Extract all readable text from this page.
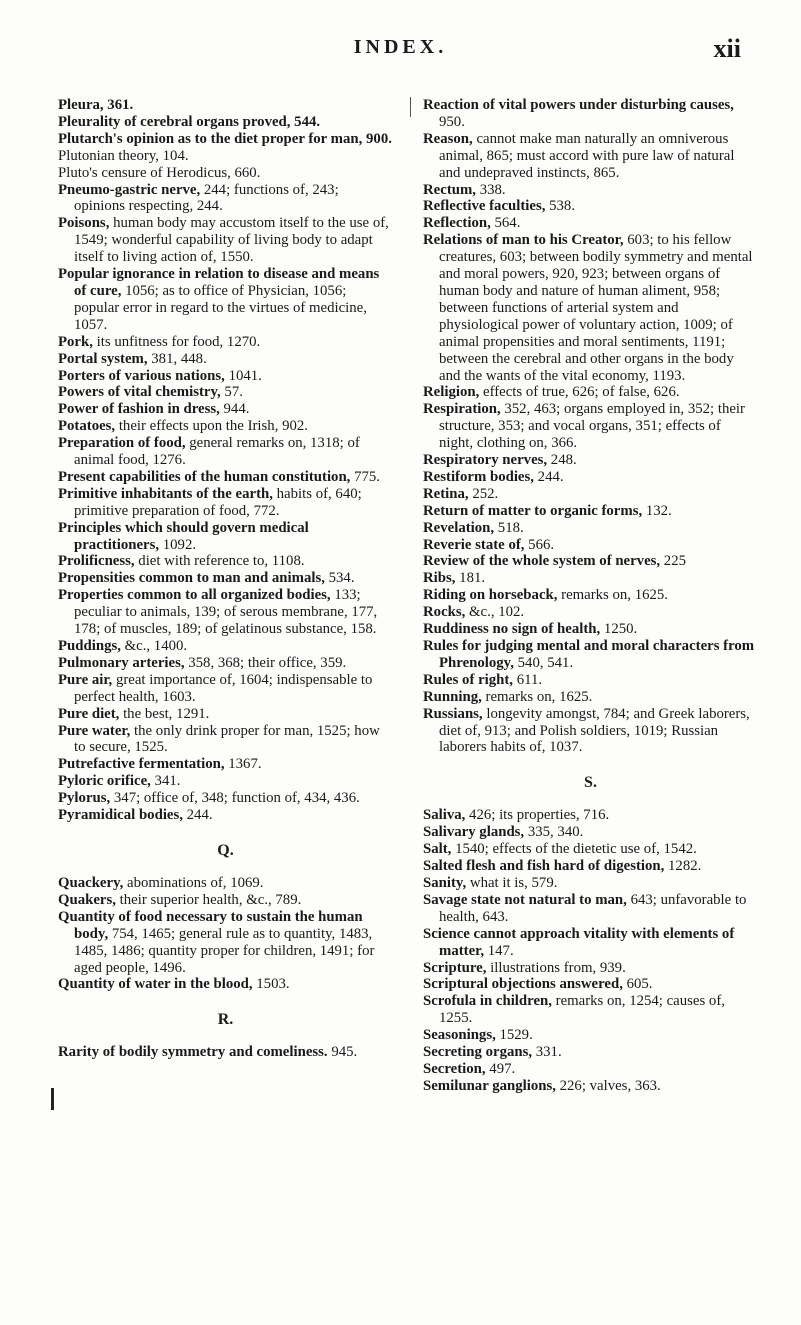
INDEX.	xii

Pleura, 361.

Pleurality of cerebral organs proved, 544.

Plutarch's opinion as to the diet proper for man, 900.

Plutonian theory, 104.

Pluto's censure of Herodicus, 660.

Pneumo-gastric nerve, 244; functions of, 243; opinions respecting, 244.

Poisons, human body may accustom itself to the use of, 1549; wonderful capability of living body to adapt itself to living action of, 1550.

Popular ignorance in relation to disease and means of cure, 1056; as to office of Physician, 1056; popular error in regard to the virtues of medicine, 1057.

Pork, its unfitness for food, 1270.

Portal system, 381, 448.

Porters of various nations, 1041.

Powers of vital chemistry, 57.

Power of fashion in dress, 944.

Potatoes, their effects upon the Irish, 902.

Preparation of food, general remarks on, 1318; of animal food, 1276.

Present capabilities of the human constitution, 775.

Primitive inhabitants of the earth, habits of, 640; primitive preparation of food, 772.

Principles which should govern medical practitioners, 1092.

Prolificness, diet with reference to, 1108.

Propensities common to man and animals, 534.

Properties common to all organized bodies, 133; peculiar to animals, 139; of serous membrane, 177, 178; of muscles, 189; of gelatinous substance, 158.

Puddings, &c., 1400.

Pulmonary arteries, 358, 368; their office, 359.

Pure air, great importance of, 1604; indispensable to perfect health, 1603.

Pure diet, the best, 1291.

Pure water, the only drink proper for man, 1525; how to secure, 1525.

Putrefactive fermentation, 1367.

Pyloric orifice, 341.

Pylorus, 347; office of, 348; function of, 434, 436.

Pyramidical bodies, 244.

Q.

Quackery, abominations of, 1069.

Quakers, their superior health, &c., 789.

Quantity of food necessary to sustain the human body, 754, 1465; general rule as to quantity, 1483, 1485, 1486; quantity proper for children, 1491; for aged people, 1496.

Quantity of water in the blood, 1503.

R.

Rarity of bodily symmetry and comeliness. 945.

Reaction of vital powers under disturbing causes, 950.

Reason, cannot make man naturally an omniverous animal, 865; must accord with pure law of natural and undepraved instincts, 865.

Rectum, 338.

Reflective faculties, 538.

Reflection, 564.

Relations of man to his Creator, 603; to his fellow creatures, 603; between bodily symmetry and mental and moral powers, 920, 923; between organs of human body and nature of human aliment, 958; between functions of arterial system and physiological power of voluntary action, 1009; of animal propensities and moral sentiments, 1191; between the cerebral and other organs in the body and the wants of the vital economy, 1193.

Religion, effects of true, 626; of false, 626.

Respiration, 352, 463; organs employed in, 352; their structure, 353; and vocal organs, 351; effects of night, clothing on, 366.

Respiratory nerves, 248.

Restiform bodies, 244.

Retina, 252.

Return of matter to organic forms, 132.

Revelation, 518.

Reverie state of, 566.

Review of the whole system of nerves, 225

Ribs, 181.

Riding on horseback, remarks on, 1625.

Rocks, &c., 102.

Ruddiness no sign of health, 1250.

Rules for judging mental and moral characters from Phrenology, 540, 541.

Rules of right, 611.

Running, remarks on, 1625.

Russians, longevity amongst, 784; and Greek laborers, diet of, 913; and Polish soldiers, 1019; Russian laborers habits of, 1037.

S.

Saliva, 426; its properties, 716.

Salivary glands, 335, 340.

Salt, 1540; effects of the dietetic use of, 1542.

Salted flesh and fish hard of digestion, 1282.

Sanity, what it is, 579.

Savage state not natural to man, 643; unfavorable to health, 643.

Science cannot approach vitality with elements of matter, 147.

Scripture, illustrations from, 939.

Scriptural objections answered, 605.

Scrofula in children, remarks on, 1254; causes of, 1255.

Seasonings, 1529.

Secreting organs, 331.

Secretion, 497.

Semilunar ganglions, 226; valves, 363.
